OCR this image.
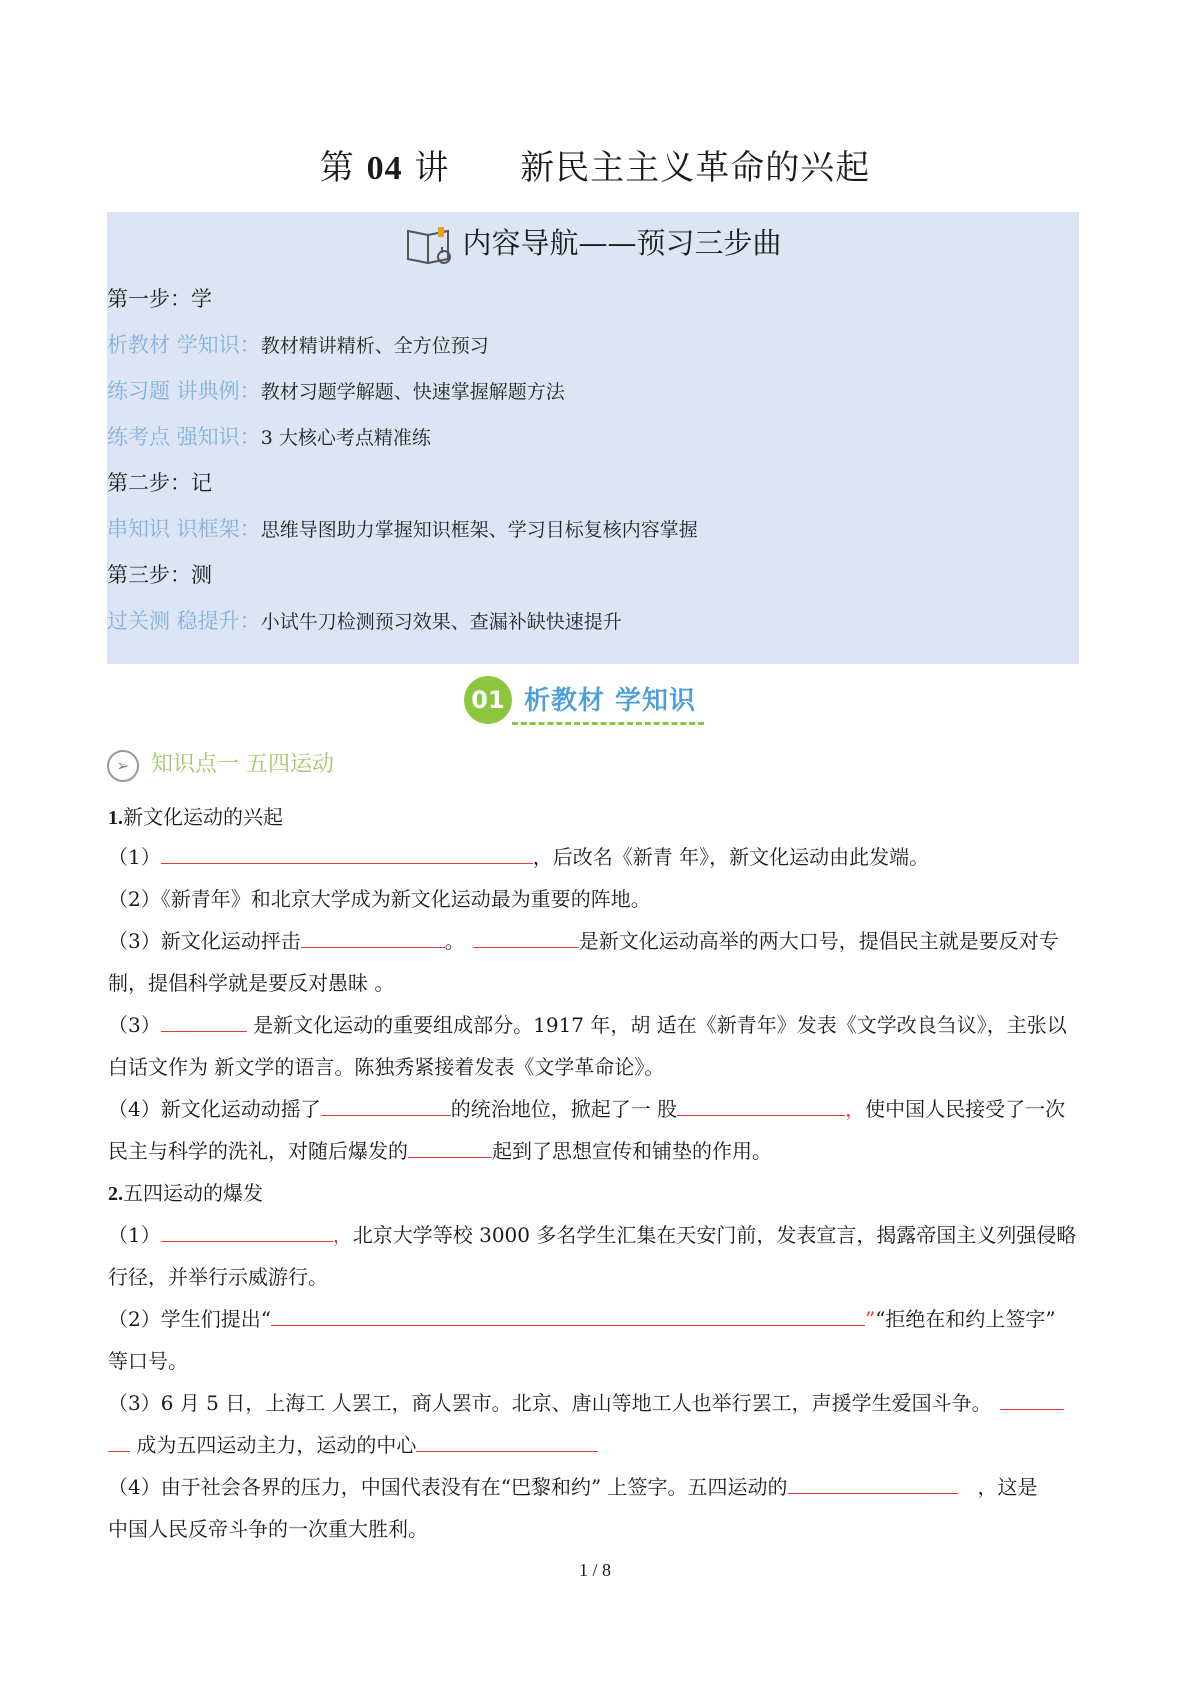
第 04 讲      新民主主义革命的兴起
内容导航——预习三步曲
第一步：学
析教材 学知识：教材精讲精析、全方位预习
练习题 讲典例：教材习题学解题、快速掌握解题方法
练考点 强知识：3 大核心考点精准练
第二步：记
串知识 识框架：思维导图助力掌握知识框架、学习目标复核内容掌握
第三步：测
过关测 稳提升：小试牛刀检测预习效果、查漏补缺快速提升
01 析教材 学知识
➢ 知识点一 五四运动
1.新文化运动的兴起
（1）	，后改名《新青 年》，新文化运动由此发端。
（2）《新青年》和北京大学成为新文化运动最为重要的阵地。
（3）新文化运动抨击	。	是新文化运动高举的两大口号，提倡民主就是要反对专
制，提倡科学就是要反对愚昧 。
（3）	是新文化运动的重要组成部分。1917 年，胡 适在《新青年》发表《文学改良刍议》，主张以
白话文作为 新文学的语言。陈独秀紧接着发表《文学革命论》。
（4）新文化运动动摇了	的统治地位，掀起了一 股	，使中国人民接受了一次
民主与科学的洗礼，对随后爆发的	起到了思想宣传和铺垫的作用。
2.五四运动的爆发
（1）	，北京大学等校 3000 多名学生汇集在天安门前，发表宣言，揭露帝国主义列强侵略
行径，并举行示威游行。
（2）学生们提出“	”“拒绝在和约上签字”
等口号。
（3）6 月 5 日，上海工 人罢工，商人罢市。北京、唐山等地工人也举行罢工，声援学生爱国斗争。
成为五四运动主力，运动的中心
（4）由于社会各界的压力，中国代表没有在“巴黎和约” 上签字。五四运动的	，这是
中国人民反帝斗争的一次重大胜利。
1 / 8
